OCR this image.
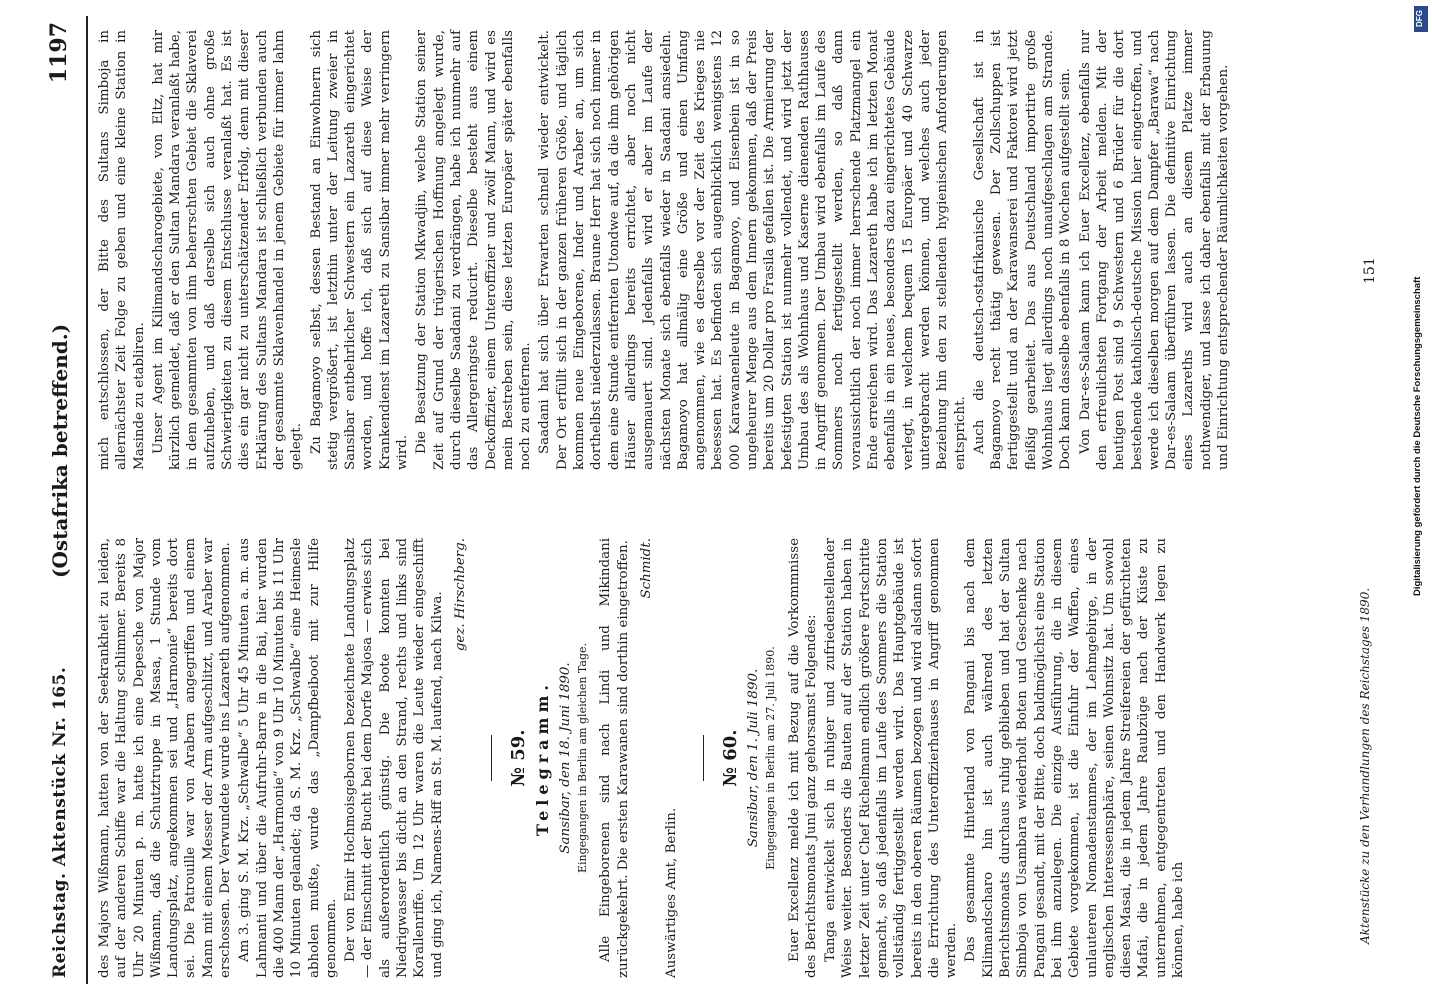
Reichstag. Aktenstück Nr. 165.
(Ostafrika betreffend.)
1197

des Majors Wißmann, hatten von der Seekrankheit zu leiden, auf der anderen Schiffe war die Haltung schlimmer. Bereits 8 Uhr 20 Minuten p. m. hatte ich eine Depesche von Major Wißmann, daß die Schutztruppe in Msasa, 1 Stunde vom Landungsplatz, angekommen sei und „Harmonie“ bereits dort sei. Die Patrouille war von Arabern angegriffen und einem Mann mit einem Messer der Arm aufgeschlitzt, und Araber war erschossen. Der Verwundete wurde ins Lazareth aufgenommen. Am 3. ging S. M. Krz. „Schwalbe“ 5 Uhr 45 Minuten a. m. aus Lahmanti und über die Aufruhr-Barre in die Bai, hier wurden die 400 Mann der „Harmonie“ von 9 Uhr 10 Minuten bis 11 Uhr 10 Minuten gelandet; da S. M. Krz. „Schwalbe“ eine Heimesle abholen mußte, wurde das „Dampfbeiboot mit zur Hilfe genommen. Der von Emir Hochmoisgebornen bezeichnete Landungsplatz — der Einschnitt der Bucht bei dem Dorfe Majosa — erwies sich als außerordentlich günstig. Die Boote konnten bei Niedrigwasser bis dicht an den Strand, rechts und links sind Korallenriffe. Um 12 Uhr waren die Leute wieder eingeschifft und ging ich, Namens-Riff an St. M. laufend, nach Kilwa. gez. Hirschberg.
№ 59. Telegramm. Sansibar, den 18. Juni 1890. Eingegangen in Berlin am gleichen Tage. Alle Eingeborenen sind nach Lindi und Mikindani zurückgekehrt. Die ersten Karawanen sind dorthin eingetroffen. Schmidt.

Auswärtiges Amt, Berlin.

№ 60. Sansibar, den 1. Juli 1890. Eingegangen in Berlin am 27. Juli 1890. Euer Excellenz melde ich mit Bezug auf die Vorkommnisse des Berichtsmonats Juni ganz gehorsamst Folgendes: Tanga entwickelt sich in ruhiger und zufriedenstellender Weise weiter. Besonders die Bauten auf der Station haben in letzter Zeit unter Chef Richelmann endlich größere Fortschritte gemacht, so daß jedenfalls im Laufe des Sommers die Station vollständig fertiggestellt werden wird. Das Hauptgebäude ist bereits in den oberen Räumen bezogen und wird alsdann sofort die Errichtung des Unteroffizierhauses in Angriff genommen werden. Das gesammte Hinterland von Pangani bis nach dem Kilimandscharo hin ist auch während des letzten Berichtsmonats durchaus ruhig geblieben und hat der Sultan Simboja von Usambara wiederholt Boten und Geschenke nach Pangani gesandt, mit der Bitte, doch baldmöglichst eine Station bei ihm anzulegen. Die einzige Ausführung, die in diesem Gebiete vorgekommen, ist die Einfuhr der Waffen, eines unlauteren Nomadenstammes, der im Lehmgebirge, in der englischen Interessensphäre, seinen Wohnsitz hat. Um sowohl diesen Masai, die in jedem Jahre Streifereien der gefürchteten Mafai, die in jedem Jahre Raubzüge nach der Küste zu unternehmen, entgegentreten und den Handwerk legen zu können, habe ich

mich entschlossen, der Bitte des Sultans Simboja in allernächster Zeit Folge zu geben und eine kleine Station in Masinde zu etabliren. Unser Agent im Kilimandscharogebiete, von Eltz, hat mir kürzlich gemeldet, daß er den Sultan Mandara veranlaßt habe, in dem gesammten von ihm beherrschten Gebiet die Sklaverei aufzuheben, und daß derselbe sich auch ohne große Schwierigkeiten zu diesem Entschlusse veranlaßt hat. Es ist dies ein gar nicht zu unterschätzender Erfolg, denn mit dieser Erklärung des Sultans Mandara ist schließlich verbunden auch der gesammte Sklavenhandel in jenem Gebiete für immer lahm gelegt. Zu Bagamoyo selbst, dessen Bestand an Einwohnern sich stetig vergrößert, ist letzthin unter der Leitung zweier in Sansibar entbehrlicher Schwestern ein Lazareth eingerichtet worden, und hoffe ich, daß sich auf diese Weise der Krankendienst im Lazareth zu Sansibar immer mehr verringern wird. Die Besatzung der Station Mkwadjin, welche Station seiner Zeit auf Grund der trügerischen Hoffnung angelegt wurde, durch dieselbe Saadani zu verdrängen, habe ich nunmehr auf das Allergeringste reducirt. Dieselbe besteht aus einem Deckoffizier, einem Unteroffizier und zwölf Mann, und wird es mein Bestreben sein, diese letzten Europäer später ebenfalls noch zu entfernen. Saadani hat sich über Erwarten schnell wieder entwickelt. Der Ort erfüllt sich in der ganzen früheren Größe, und täglich kommen neue Eingeborene, Inder und Araber an, um sich dorthelbst niederzulassen. Braune Herr hat sich noch immer in dem eine Stunde entfernten Utondwe auf, da die ihm gehörigen Häuser allerdings bereits errichtet, aber noch nicht ausgemauert sind. Jedenfalls wird er aber im Laufe der nächsten Monate sich ebenfalls wieder in Saadani ansiedeln. Bagamoyo hat allmälig eine Größe und einen Umfang angenommen, wie es derselbe vor der Zeit des Krieges nie besessen hat. Es befinden sich augenblicklich wenigstens 12 000 Karawanenleute in Bagamoyo, und Eisenbein ist in so ungeheurer Menge aus dem Innern gekommen, daß der Preis bereits um 20 Dollar pro Frasila gefallen ist. Die Armierung der befestigten Station ist nunmehr vollendet, und wird jetzt der Umbau des als Wohnhaus und Kaserne dienenden Rathhauses in Angriff genommen. Der Umbau wird ebenfalls im Laufe des Sommers noch fertiggestellt werden, so daß dann voraussichtlich der noch immer herrschende Platzmangel ein Ende erreichen wird. Das Lazareth habe ich im letzten Monat ebenfalls in ein neues, besonders dazu eingerichtetes Gebäude verlegt, in welchem bequem 15 Europäer und 40 Schwarze untergebracht werden können, und welches auch jeder Beziehung hin den zu stellenden hygienischen Anforderungen entspricht. Auch die deutsch-ostafrikanische Gesellschaft ist in Bagamoyo recht thätig gewesen. Der Zollschuppen ist fertiggestellt und an der Karawanserei und Faktorei wird jetzt fleißig gearbeitet. Das aus Deutschland importirte große Wohnhaus liegt allerdings noch unaufgeschlagen am Strande. Doch kann dasselbe ebenfalls in 8 Wochen aufgestellt sein. Von Dar-es-Salaam kann ich Euer Excellenz, ebenfalls nur den erfreulichsten Fortgang der Arbeit melden. Mit der heutigen Post sind 9 Schwestern und 6 Brüder für die dort bestehende katholisch-deutsche Mission hier eingetroffen, und werde ich dieselben morgen auf dem Dampfer „Barawa“ nach Dar-es-Salaam überführen lassen. Die definitive Einrichtung eines Lazareths wird auch an diesem Platze immer nothwendiger, und lasse ich daher ebenfalls mit der Erbauung und Einrichtung entsprechender Räumlichkeiten vorgehen.

Aktenstücke zu den Verhandlungen des Reichstages 1890.
151
DFG
Digitalisierung gefördert durch die Deutsche Forschungsgemeinschaft
